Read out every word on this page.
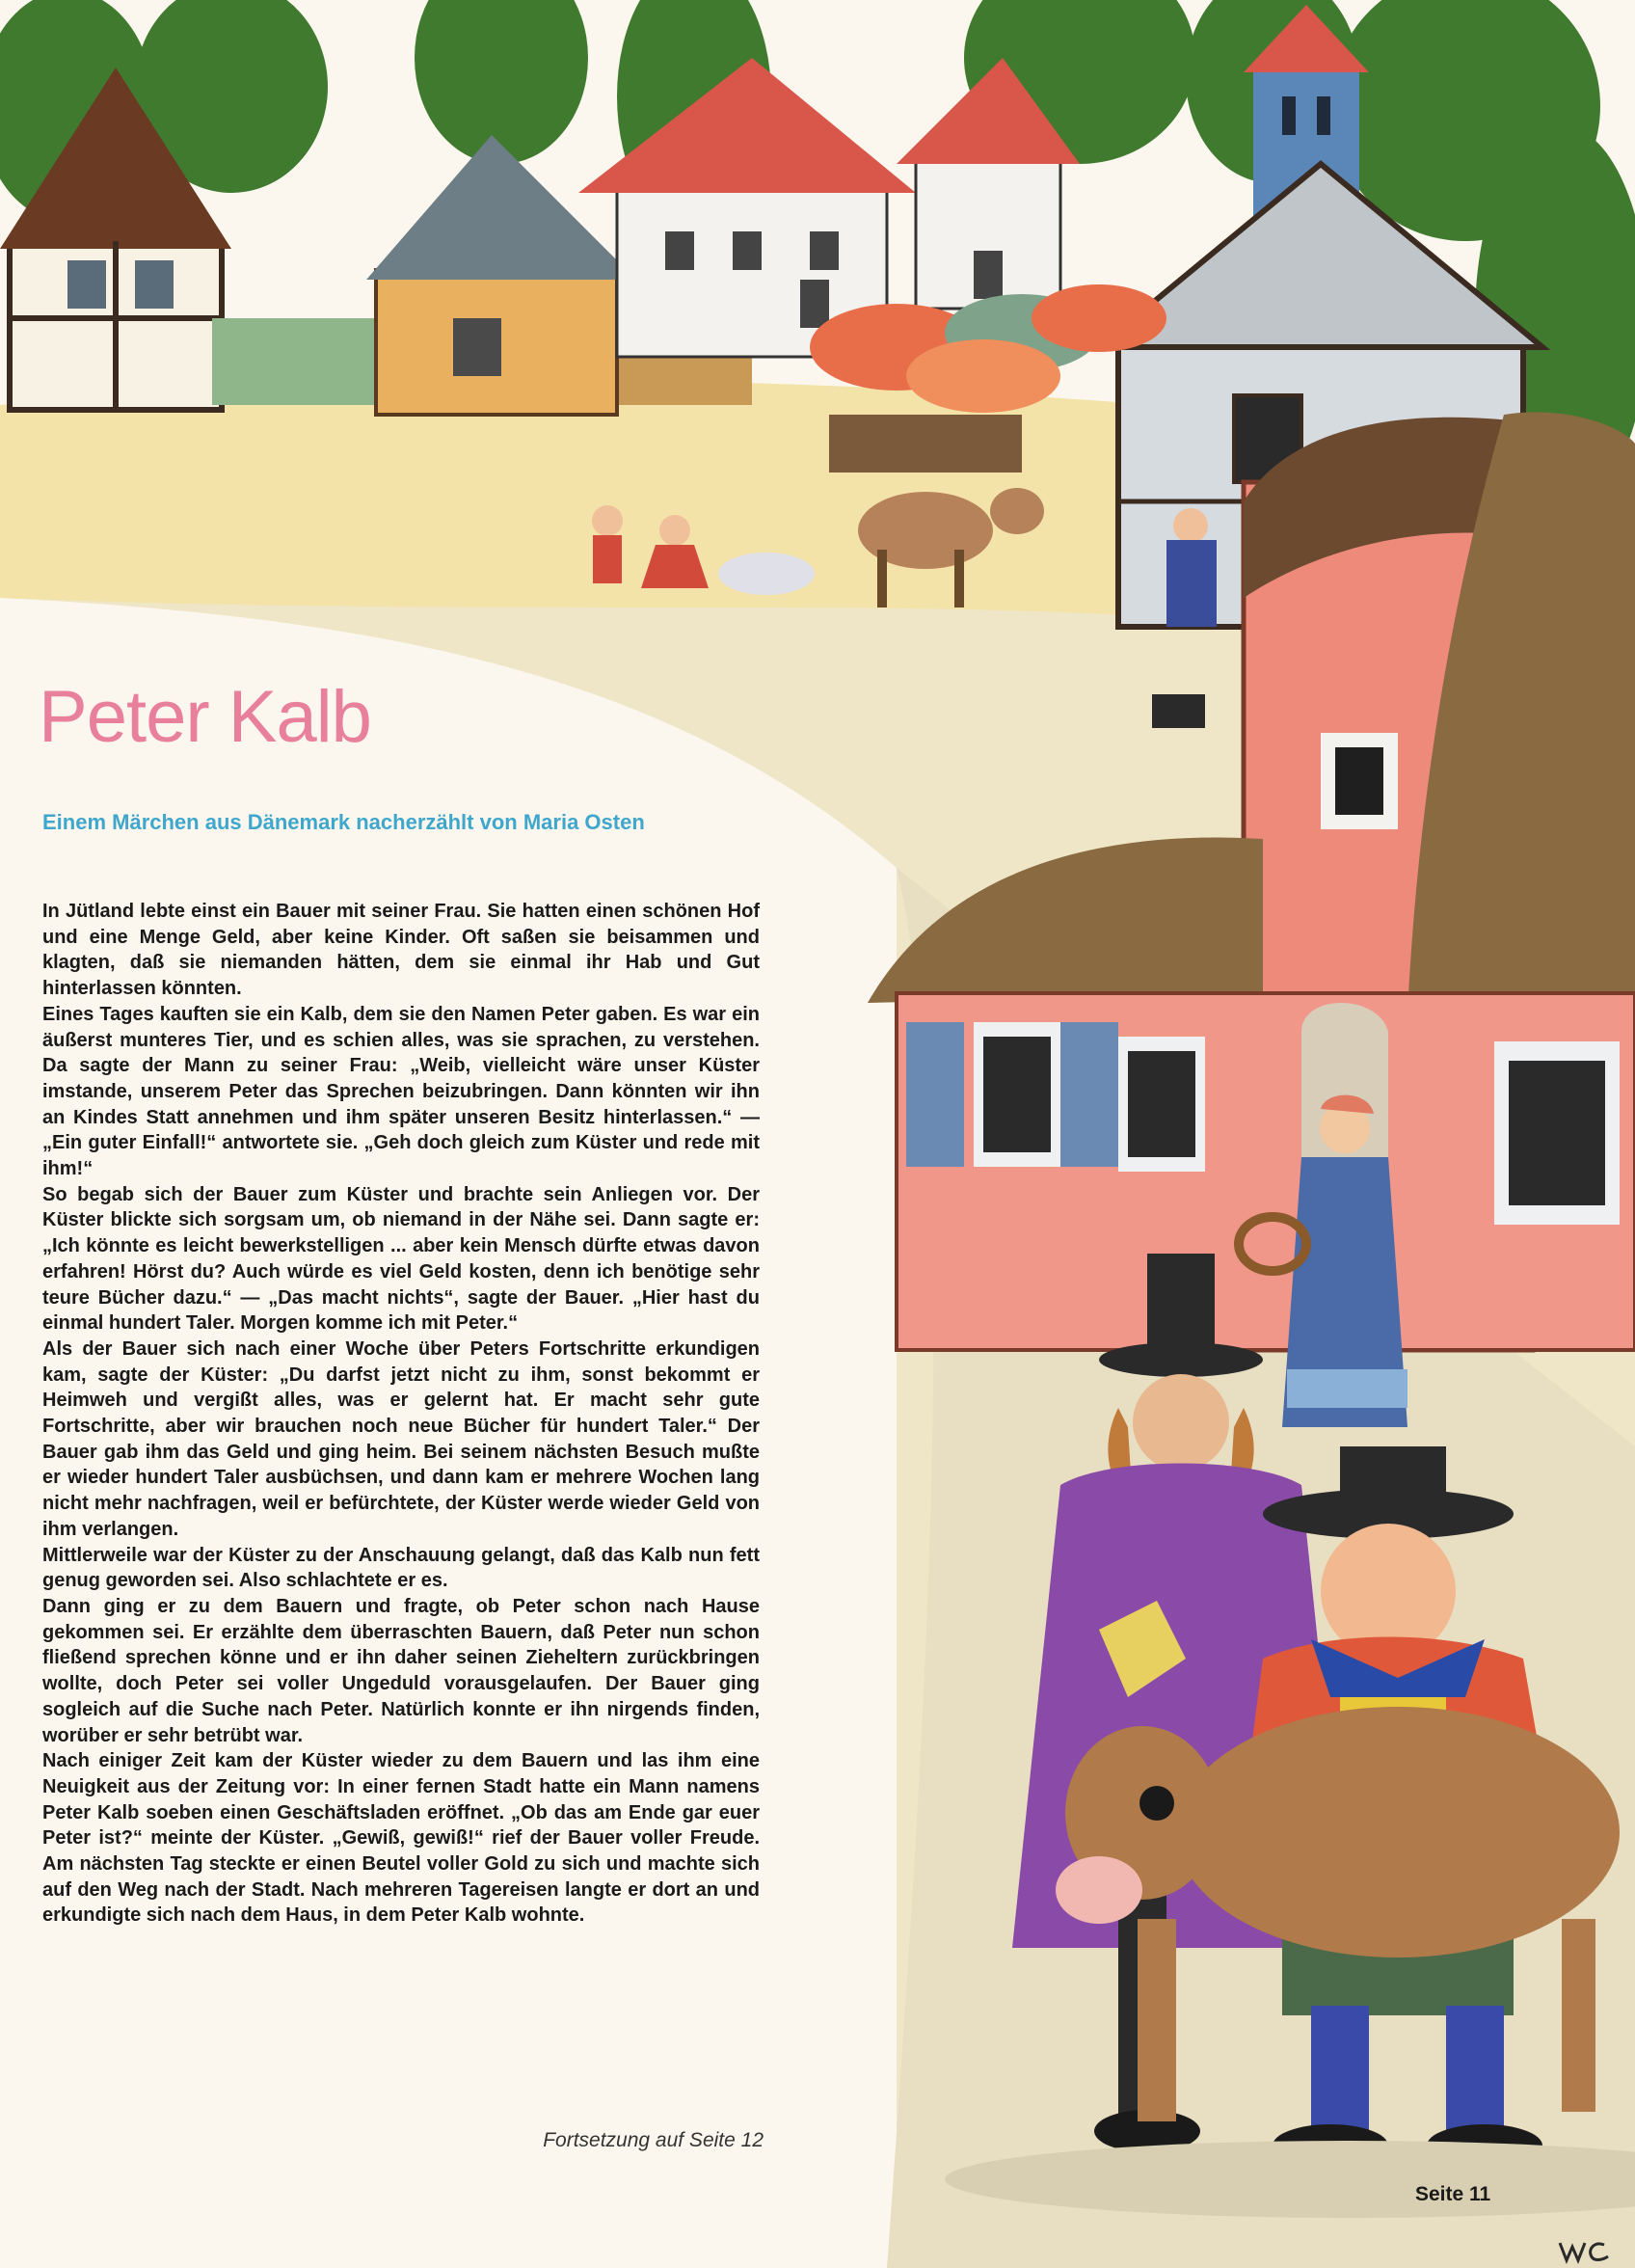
Peter Kalb

Einem Märchen aus Dänemark nacherzählt von Maria Osten

In Jütland lebte einst ein Bauer mit seiner Frau. Sie hatten einen schönen Hof und eine Menge Geld, aber keine Kinder. Oft saßen sie beisammen und klagten, daß sie niemanden hätten, dem sie einmal ihr Hab und Gut hinterlassen könnten.

Eines Tages kauften sie ein Kalb, dem sie den Namen Peter gaben. Es war ein äußerst munteres Tier, und es schien alles, was sie sprachen, zu verstehen. Da sagte der Mann zu seiner Frau: „Weib, vielleicht wäre unser Küster imstande, unserem Peter das Sprechen beizubringen. Dann könnten wir ihn an Kindes Statt annehmen und ihm später unseren Besitz hinterlassen.“ — „Ein guter Einfall!“ antwortete sie. „Geh doch gleich zum Küster und rede mit ihm!“

So begab sich der Bauer zum Küster und brachte sein Anliegen vor. Der Küster blickte sich sorgsam um, ob niemand in der Nähe sei. Dann sagte er: „Ich könnte es leicht bewerkstelligen ... aber kein Mensch dürfte etwas davon erfahren! Hörst du? Auch würde es viel Geld kosten, denn ich benötige sehr teure Bücher dazu.“ — „Das macht nichts“, sagte der Bauer. „Hier hast du einmal hundert Taler. Morgen komme ich mit Peter.“

Als der Bauer sich nach einer Woche über Peters Fortschritte erkundigen kam, sagte der Küster: „Du darfst jetzt nicht zu ihm, sonst bekommt er Heimweh und vergißt alles, was er gelernt hat. Er macht sehr gute Fortschritte, aber wir brauchen noch neue Bücher für hundert Taler.“ Der Bauer gab ihm das Geld und ging heim. Bei seinem nächsten Besuch mußte er wieder hundert Taler ausbüchsen, und dann kam er mehrere Wochen lang nicht mehr nachfragen, weil er befürchtete, der Küster werde wieder Geld von ihm verlangen.

Mittlerweile war der Küster zu der Anschauung gelangt, daß das Kalb nun fett genug geworden sei. Also schlachtete er es.

Dann ging er zu dem Bauern und fragte, ob Peter schon nach Hause gekommen sei. Er erzählte dem überraschten Bauern, daß Peter nun schon fließend sprechen könne und er ihn daher seinen Zieheltern zurückbringen wollte, doch Peter sei voller Ungeduld vorausgelaufen. Der Bauer ging sogleich auf die Suche nach Peter. Natürlich konnte er ihn nirgends finden, worüber er sehr betrübt war.

Nach einiger Zeit kam der Küster wieder zu dem Bauern und las ihm eine Neuigkeit aus der Zeitung vor: In einer fernen Stadt hatte ein Mann namens Peter Kalb soeben einen Geschäftsladen eröffnet. „Ob das am Ende gar euer Peter ist?“ meinte der Küster. „Gewiß, gewiß!“ rief der Bauer voller Freude. Am nächsten Tag steckte er einen Beutel voller Gold zu sich und machte sich auf den Weg nach der Stadt. Nach mehreren Tagereisen langte er dort an und erkundigte sich nach dem Haus, in dem Peter Kalb wohnte.

Fortsetzung auf Seite 12
Seite 11
